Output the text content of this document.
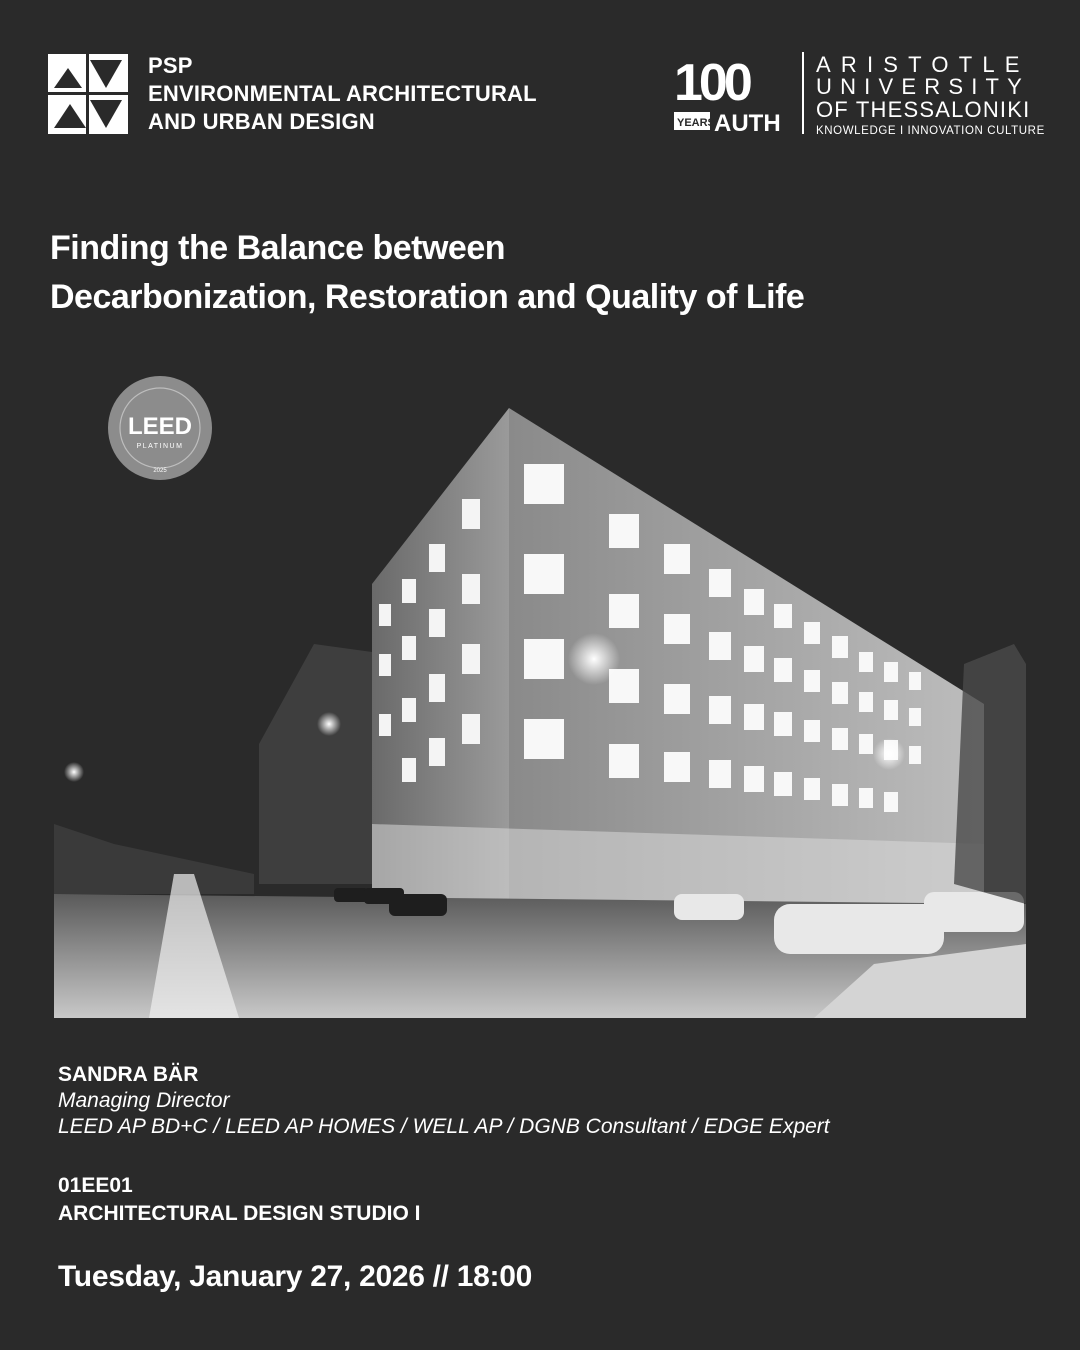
PSP
ENVIRONMENTAL ARCHITECTURAL
AND URBAN DESIGN
100
YEARS AUTH
ARISTOTLE
UNIVERSITY
OF THESSALONIKI
KNOWLEDGE I INNOVATION CULTURE
Finding the Balance between
Decarbonization, Restoration and Quality of Life
LEED
PLATINUM
2025
SANDRA BÄR
Managing Director
LEED AP BD+C / LEED AP HOMES / WELL AP / DGNB Consultant / EDGE Expert
01EE01
ARCHITECTURAL DESIGN STUDIO I
Tuesday, January 27, 2026 // 18:00
